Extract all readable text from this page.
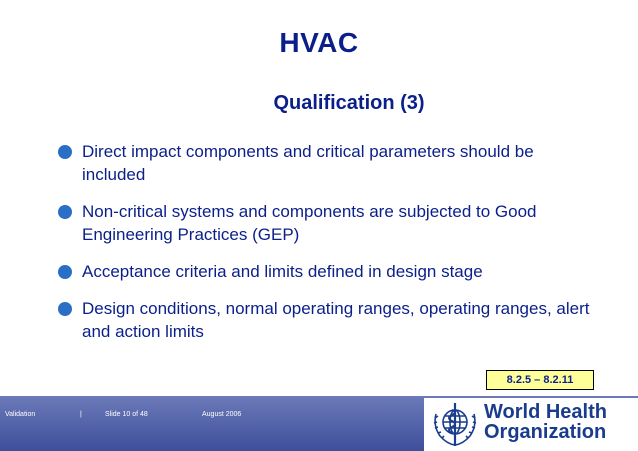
HVAC
Qualification (3)
Direct impact components and critical parameters should be included
Non-critical systems and components are subjected to Good Engineering Practices (GEP)
Acceptance criteria and limits defined in design stage
Design conditions, normal operating ranges, operating ranges, alert and action limits
8.2.5 – 8.2.11
Validation	|	Slide 10 of 48	August 2006	World Health
Organization
